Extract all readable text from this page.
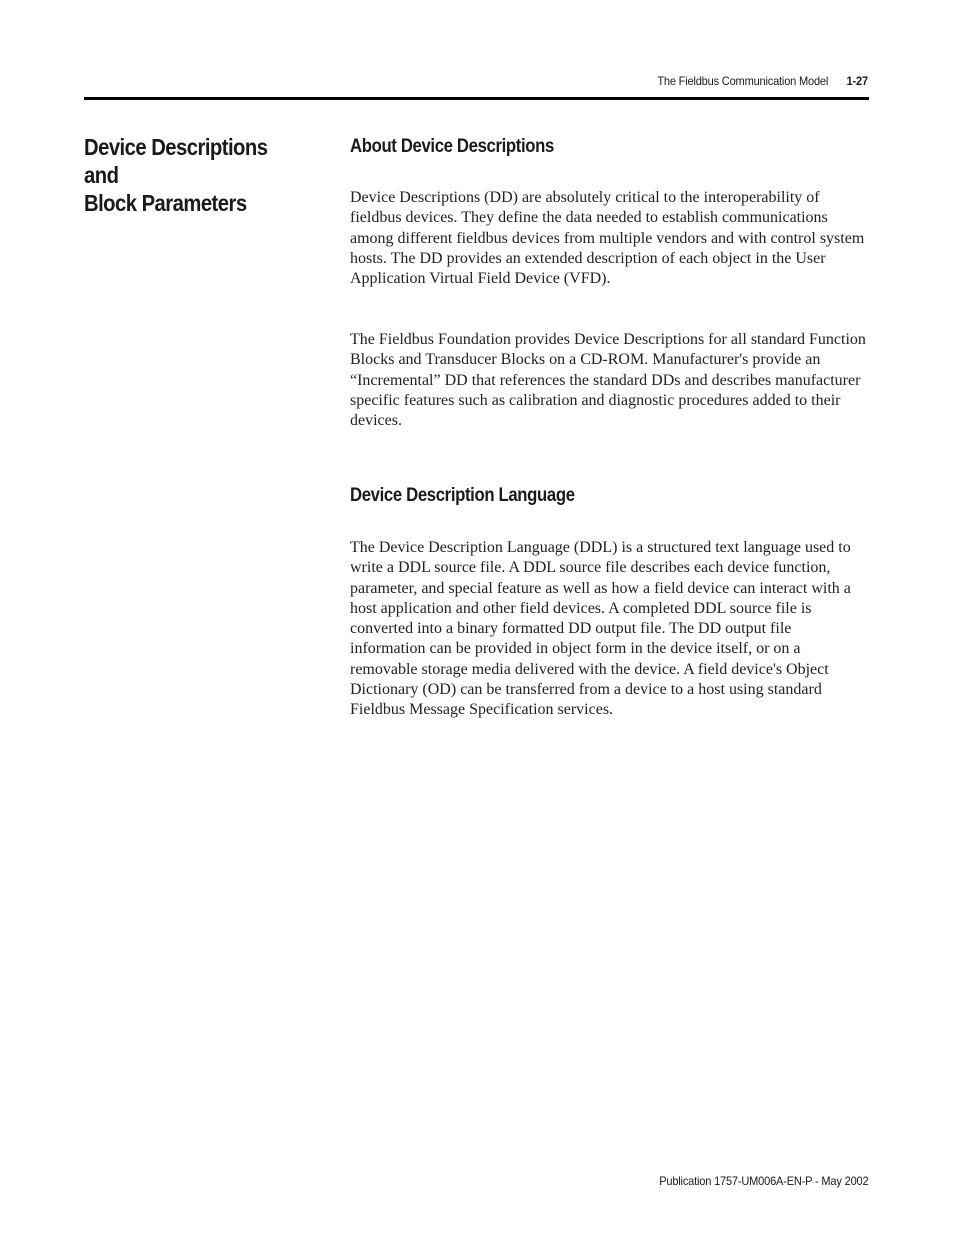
The Fieldbus Communication Model 1-27
Device Descriptions and
Block Parameters
About Device Descriptions

Device Descriptions (DD) are absolutely critical to the interoperability of fieldbus devices. They define the data needed to establish communications among different fieldbus devices from multiple vendors and with control system hosts. The DD provides an extended description of each object in the User Application Virtual Field Device (VFD).

The Fieldbus Foundation provides Device Descriptions for all standard Function Blocks and Transducer Blocks on a CD-ROM. Manufacturer's provide an “Incremental” DD that references the standard DDs and describes manufacturer specific features such as calibration and diagnostic procedures added to their devices.

Device Description Language

The Device Description Language (DDL) is a structured text language used to write a DDL source file. A DDL source file describes each device function, parameter, and special feature as well as how a field device can interact with a host application and other field devices. A completed DDL source file is converted into a binary formatted DD output file. The DD output file information can be provided in object form in the device itself, or on a removable storage media delivered with the device. A field device's Object Dictionary (OD) can be transferred from a device to a host using standard Fieldbus Message Specification services.

Publication 1757-UM006A-EN-P - May 2002
